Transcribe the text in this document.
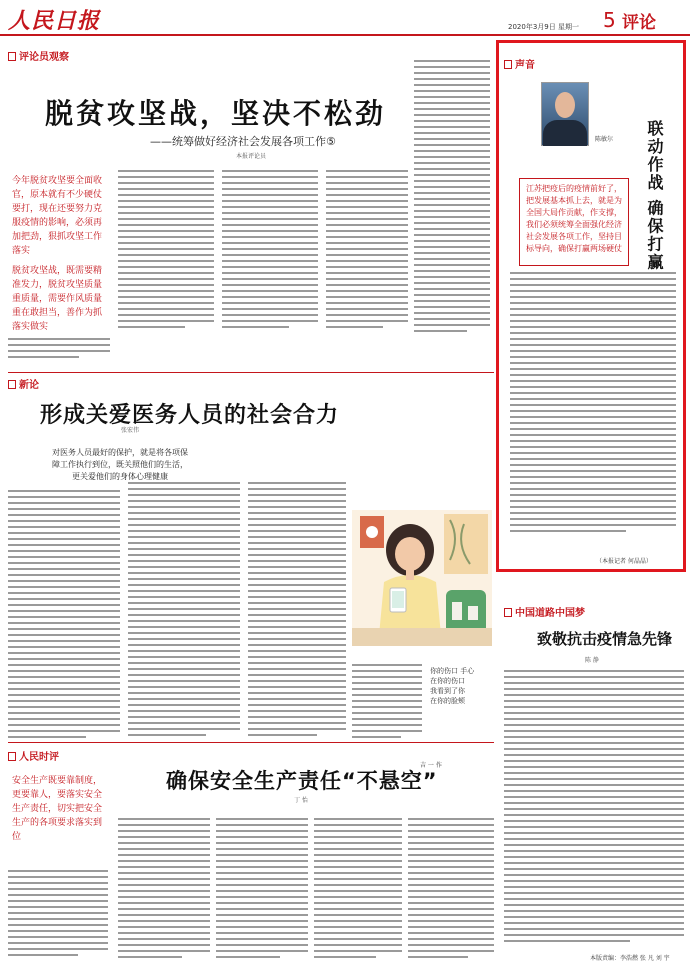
人民日报	2020年3月9日 星期一 5 评论
评论员观察
脱贫攻坚战，坚决不松劲
——统筹做好经济社会发展各项工作⑤
本报评论员
今年脱贫攻坚要全面收官，原本就有不少硬仗要打，现在还要努力克服疫情的影响，必须再加把劲，狠抓攻坚工作落实
脱贫攻坚战，既需要精准发力，脱贫攻坚质量重质量，需要作风质量重在敢担当，善作为抓落实做实
声音
陈敏尔	联动作战 确保打赢
江苏把疫后的疫情前好了，把发展基本抓上去，就是为全国大局作贡献，作支撑，我们必须统筹全面强化经济社会发展各项工作，坚持目标导向，确保打赢两场硬仗
（本报记者 何晶晶）
新论
形成关爱医务人员的社会合力
张宏伟
对医务人员最好的保护，就是将各项保障工作执行到位，既关照他们的生活，更关爱他们的身体心理健康
你的伤口 手心
在你的伤口
我看到了你
在你的脸颊
吉 一 作
人民时评
确保安全生产责任“不悬空”
丁 怡
安全生产既要靠制度，更要靠人，要落实安全生产责任，切实把安全生产的各项要求落实到位
中国道路中国梦
致敬抗击疫情急先锋
陈 静
本版责编：李浩燃 张 凡 刘 宇
